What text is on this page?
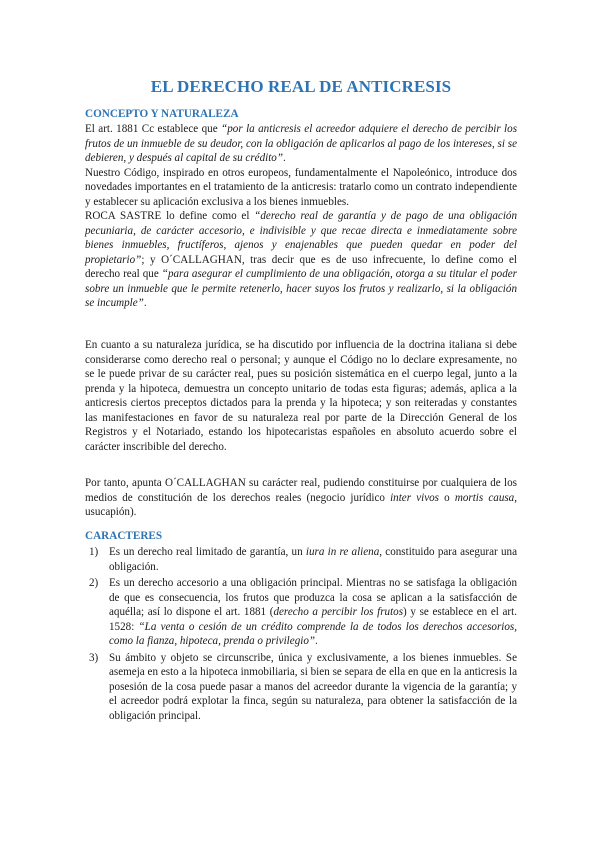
EL DERECHO REAL DE ANTICRESIS
CONCEPTO Y NATURALEZA

El art. 1881 Cc establece que “por la anticresis el acreedor adquiere el derecho de percibir los frutos de un inmueble de su deudor, con la obligación de aplicarlos al pago de los intereses, si se debieren, y después al capital de su crédito”.

Nuestro Código, inspirado en otros europeos, fundamentalmente el Napoleónico, introduce dos novedades importantes en el tratamiento de la anticresis: tratarlo como un contrato independiente y establecer su aplicación exclusiva a los bienes inmuebles.

ROCA SASTRE lo define como el “derecho real de garantía y de pago de una obligación pecuniaria, de carácter accesorio, e indivisible y que recae directa e inmediatamente sobre bienes inmuebles, fructíferos, ajenos y enajenables que pueden quedar en poder del propietario”; y O´CALLAGHAN, tras decir que es de uso infrecuente, lo define como el derecho real que “para asegurar el cumplimiento de una obligación, otorga a su titular el poder sobre un inmueble que le permite retenerlo, hacer suyos los frutos y realizarlo, si la obligación se incumple”.

En cuanto a su naturaleza jurídica, se ha discutido por influencia de la doctrina italiana si debe considerarse como derecho real o personal; y aunque el Código no lo declare expresamente, no se le puede privar de su carácter real, pues su posición sistemática en el cuerpo legal, junto a la prenda y la hipoteca, demuestra un concepto unitario de todas esta figuras; además, aplica a la anticresis ciertos preceptos dictados para la prenda y la hipoteca; y son reiteradas y constantes las manifestaciones en favor de su naturaleza real por parte de la Dirección General de los Registros y el Notariado, estando los hipotecaristas españoles en absoluto acuerdo sobre el carácter inscribible del derecho.
Por tanto, apunta O´CALLAGHAN su carácter real, pudiendo constituirse por cualquiera de los medios de constitución de los derechos reales (negocio jurídico inter vivos o mortis causa, usucapión).
CARACTERES
1) Es un derecho real limitado de garantía, un iura in re aliena, constituido para asegurar una obligación.
2) Es un derecho accesorio a una obligación principal. Mientras no se satisfaga la obligación de que es consecuencia, los frutos que produzca la cosa se aplican a la satisfacción de aquélla; así lo dispone el art. 1881 (derecho a percibir los frutos) y se establece en el art. 1528: “La venta o cesión de un crédito comprende la de todos los derechos accesorios, como la fianza, hipoteca, prenda o privilegio”.
3) Su ámbito y objeto se circunscribe, única y exclusivamente, a los bienes inmuebles. Se asemeja en esto a la hipoteca inmobiliaria, si bien se separa de ella en que en la anticresis la posesión de la cosa puede pasar a manos del acreedor durante la vigencia de la garantía; y el acreedor podrá explotar la finca, según su naturaleza, para obtener la satisfacción de la obligación principal.
